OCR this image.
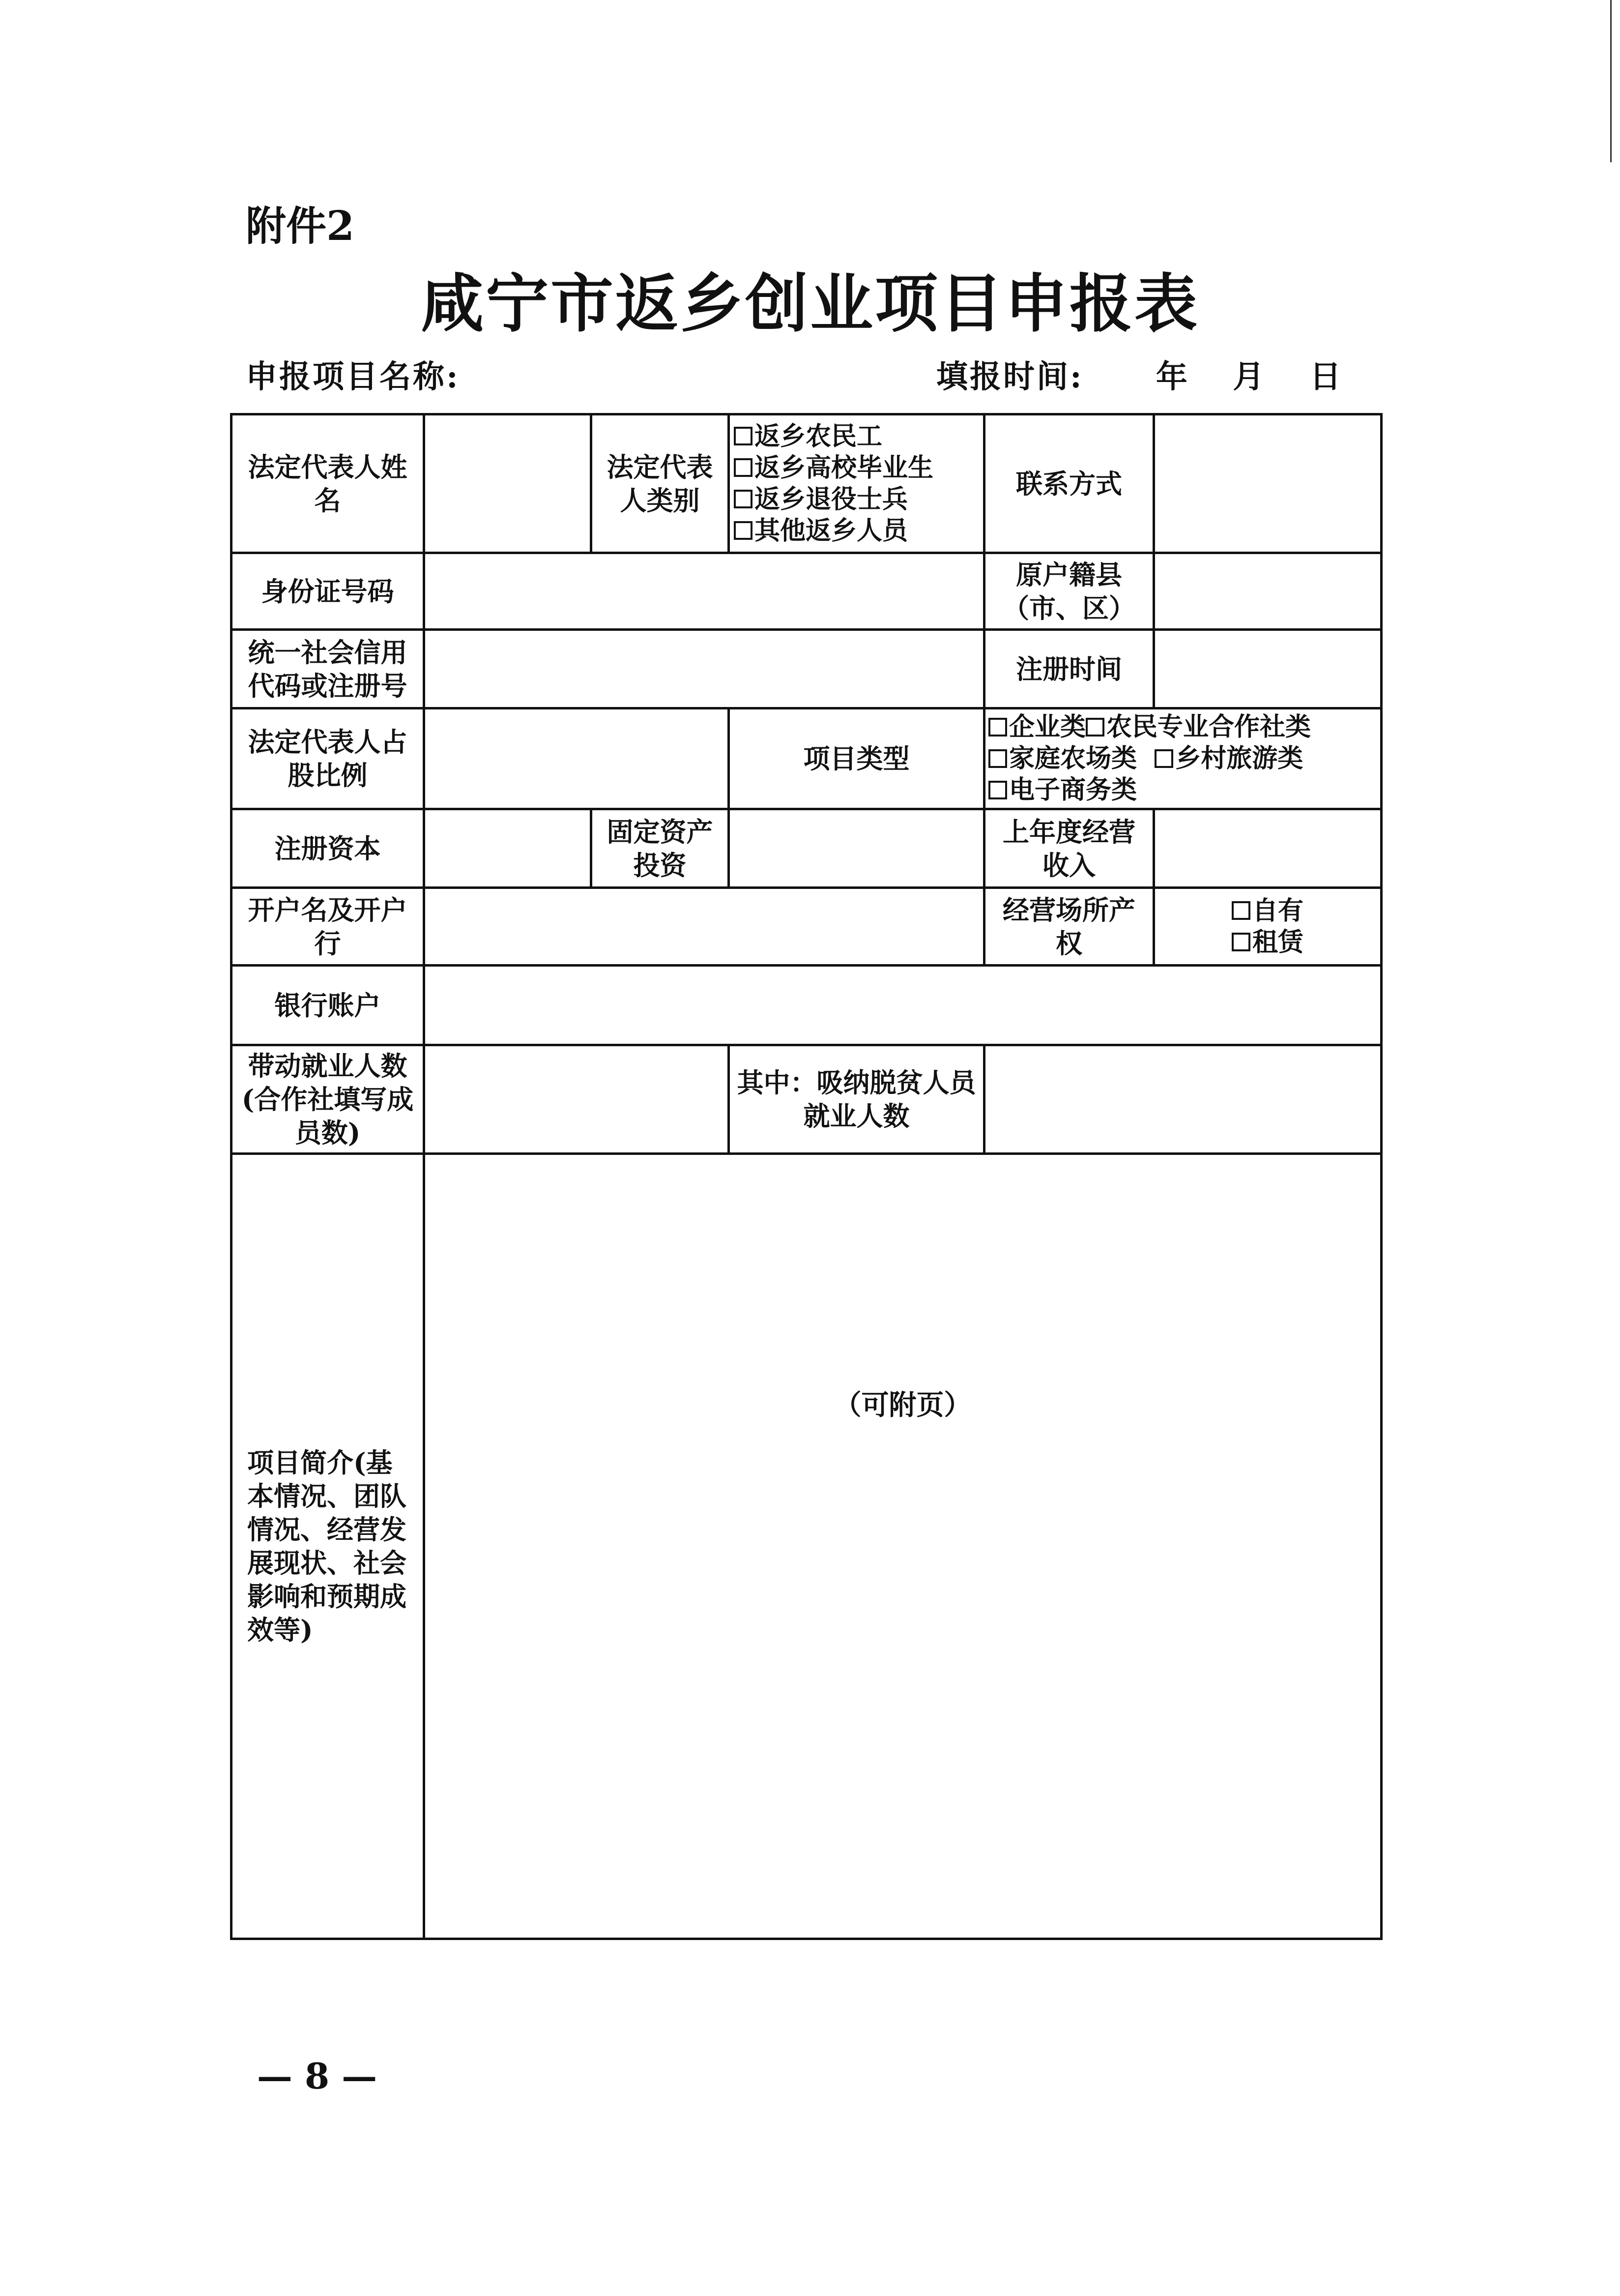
附件2
咸宁市返乡创业项目申报表
申报项目名称:	填报时间: 年 月 日
法定代表人姓名		法定代表人类别	返乡农民工
返乡高校毕业生
返乡退役士兵
其他返乡人员	联系方式	
身份证号码				原户籍县（市、区）	
统一社会信用代码或注册号				注册时间	
法定代表人占股比例			项目类型	企业类 农民专业合作社类
家庭农场类 乡村旅游类
电子商务类	

注册资本		固定资产投资		上年度经营收入	
开户名及开户行				经营场所产权	自有
租赁

银行账户					
带动就业人数(合作社填写成员数)			其中：吸纳脱贫人员就业人数		
项目简介(基本情况、团队情况、经营发展现状、社会影响和预期成效等)	（可附页）				
— 8 —
